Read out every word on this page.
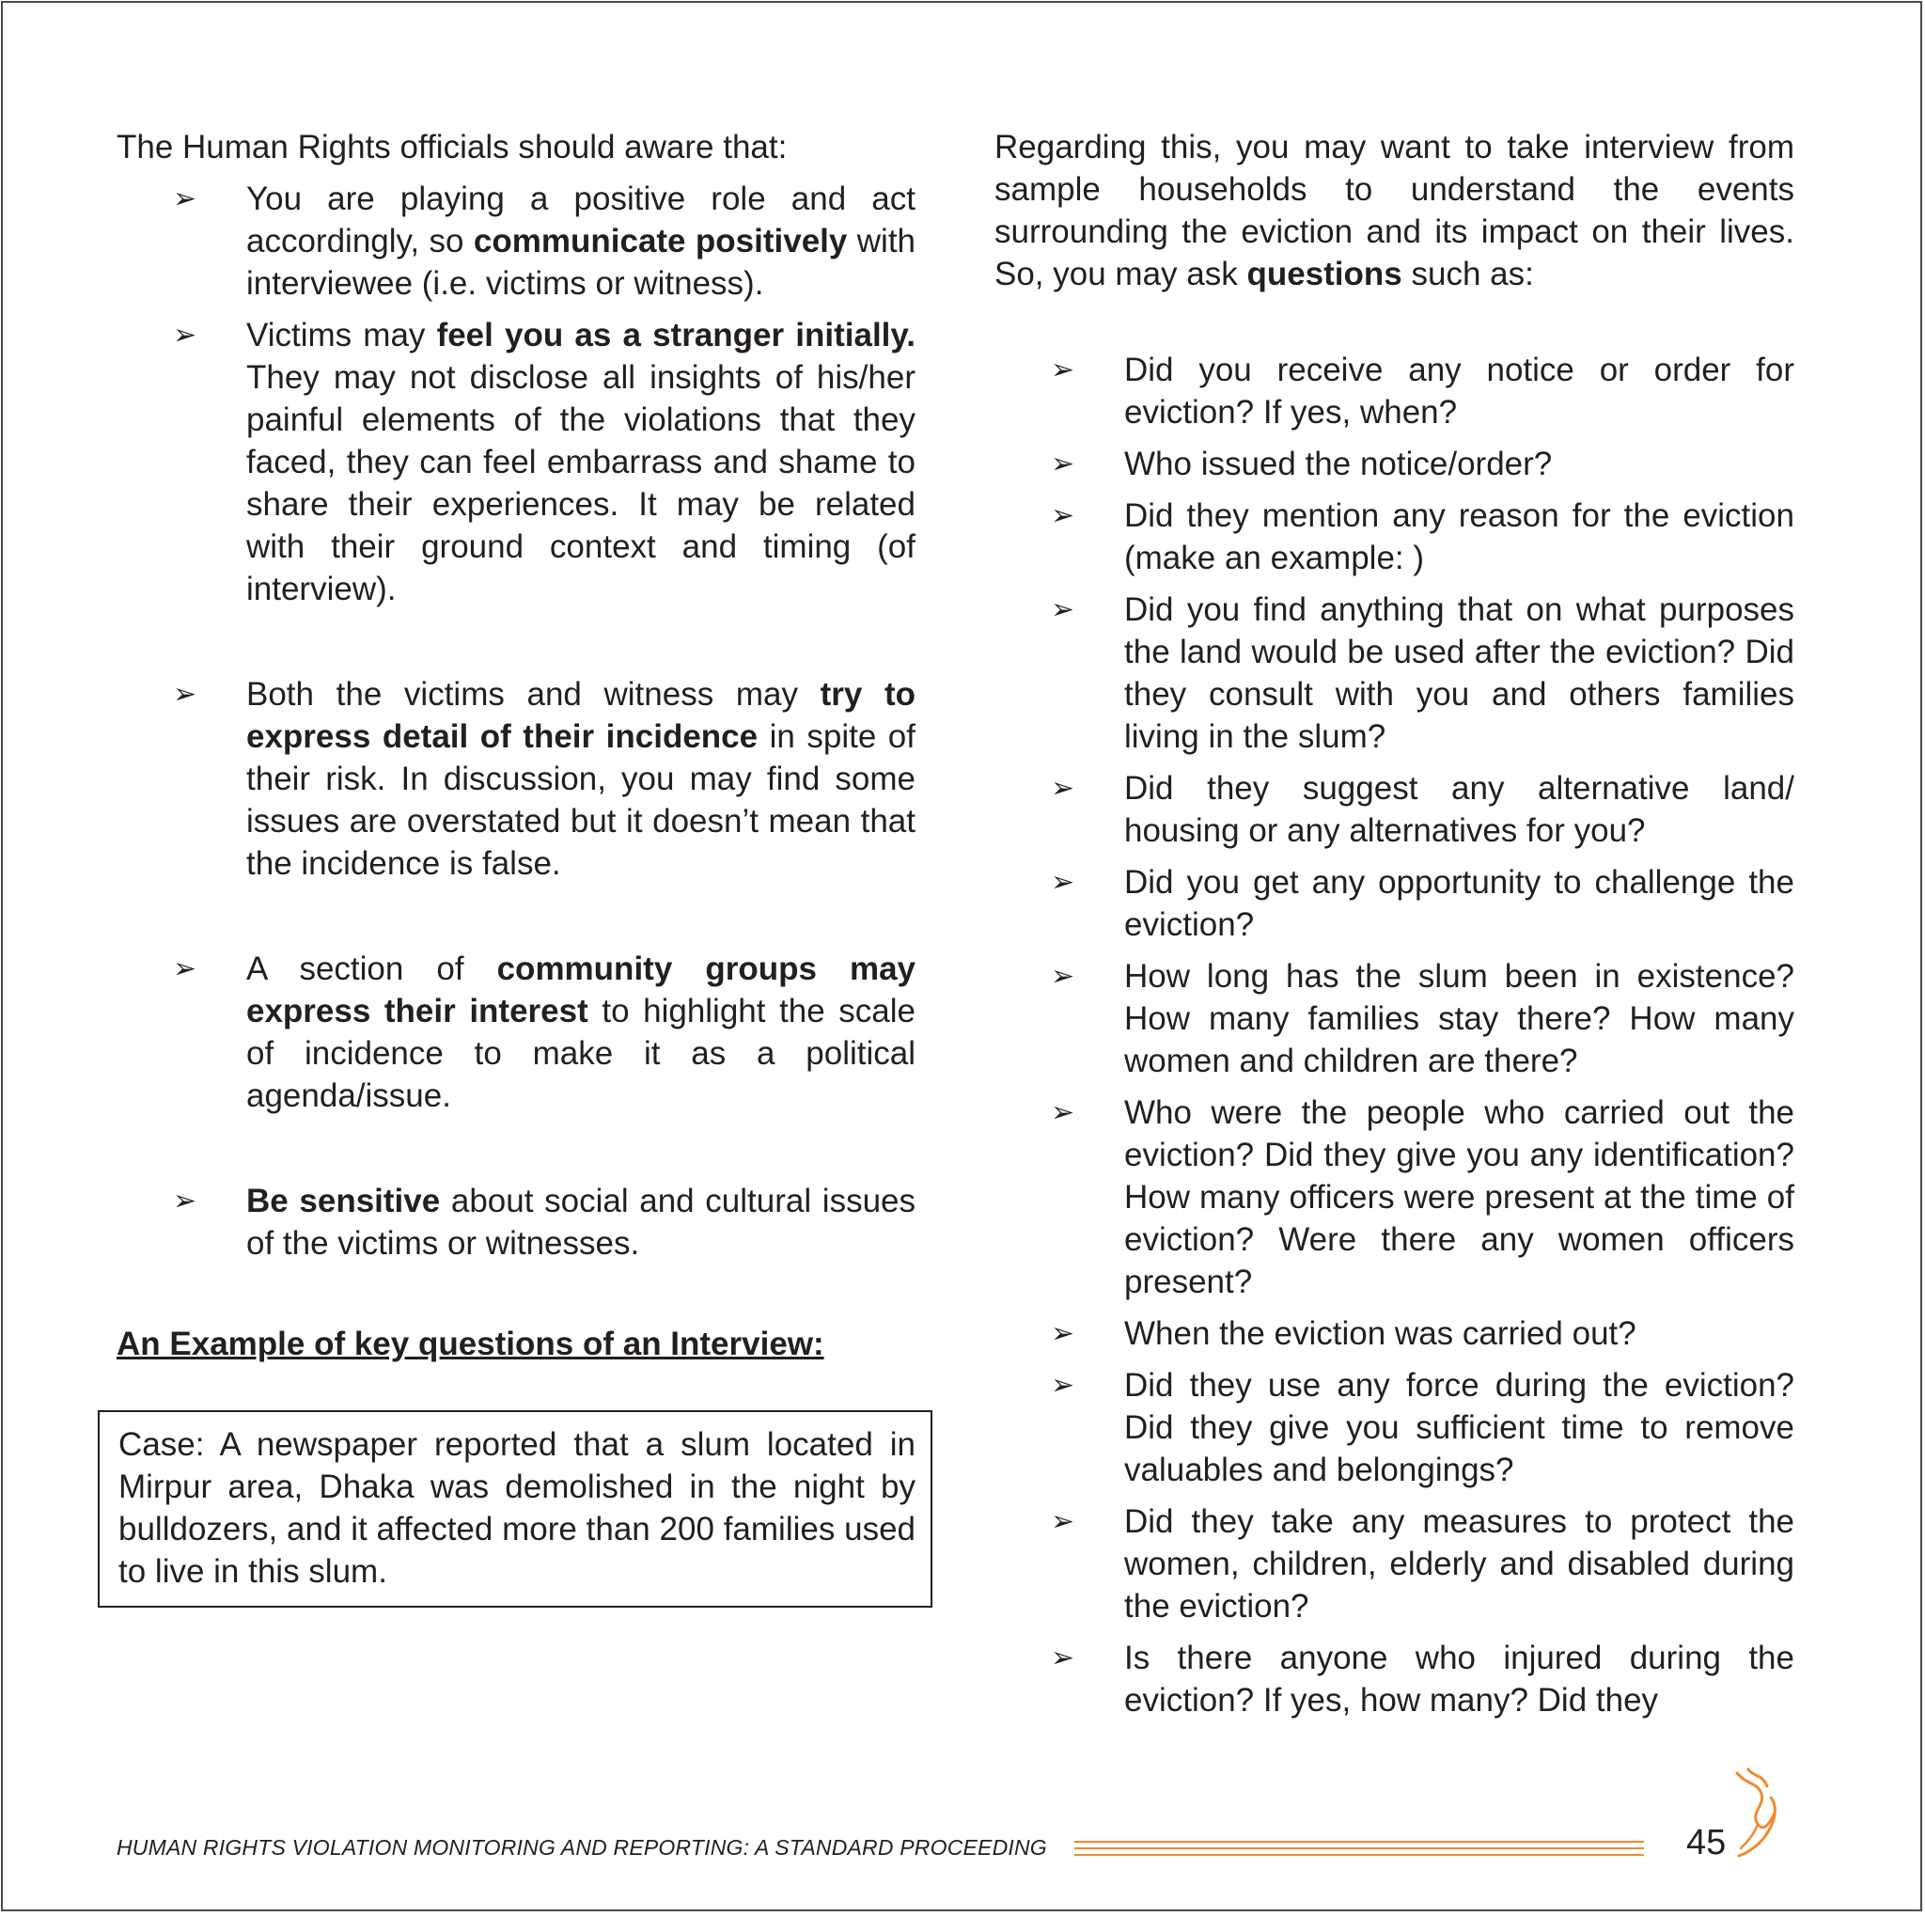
The Human Rights officials should aware that:

➢ You are playing a positive role and act accordingly, so communicate positively with interviewee (i.e. victims or witness).
➢ Victims may feel you as a stranger initially. They may not disclose all insights of his/her painful elements of the violations that they faced, they can feel embarrass and shame to share their experiences. It may be related with their ground context and timing (of interview).
➢ Both the victims and witness may try to express detail of their incidence in spite of their risk. In discussion, you may find some issues are overstated but it doesn’t mean that the incidence is false.
➢ A section of community groups may express their interest to highlight the scale of incidence to make it as a political agenda/issue.
➢ Be sensitive about social and cultural issues of the victims or witnesses.
An Example of key questions of an Interview:
Case: A newspaper reported that a slum located in Mirpur area, Dhaka was demolished in the night by bulldozers, and it affected more than 200 families used to live in this slum.

Regarding this, you may want to take interview from sample households to understand the events surrounding the eviction and its impact on their lives. So, you may ask questions such as:

➢ Did you receive any notice or order for eviction? If yes, when?
➢ Who issued the notice/order?
➢ Did they mention any reason for the eviction (make an example: )
➢ Did you find anything that on what purposes the land would be used after the eviction? Did they consult with you and others families living in the slum?
➢ Did they suggest any alternative land/ housing or any alternatives for you?
➢ Did you get any opportunity to challenge the eviction?
➢ How long has the slum been in existence? How many families stay there? How many women and children are there?
➢ Who were the people who carried out the eviction? Did they give you any identification? How many officers were present at the time of eviction? Were there any women officers present?
➢ When the eviction was carried out?
➢ Did they use any force during the eviction? Did they give you sufficient time to remove valuables and belongings?
➢ Did they take any measures to protect the women, children, elderly and disabled during the eviction?
➢ Is there anyone who injured during the eviction? If yes, how many? Did they
HUMAN RIGHTS VIOLATION MONITORING AND REPORTING: A STANDARD PROCEEDING	45
